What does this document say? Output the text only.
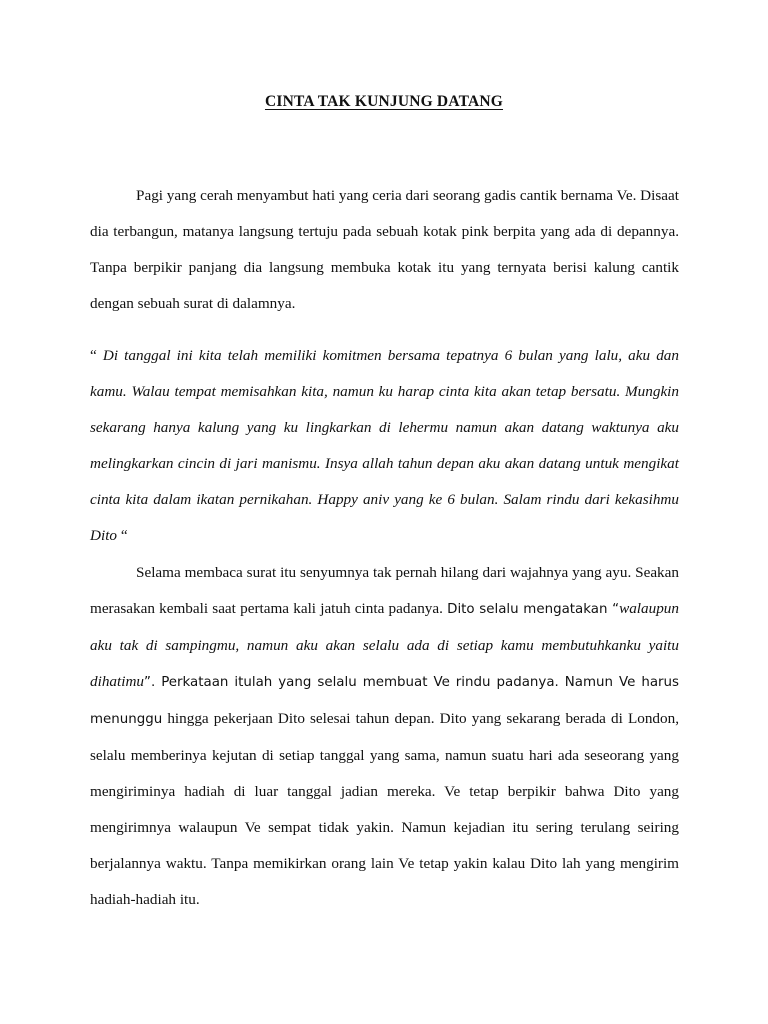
CINTA TAK KUNJUNG DATANG

Pagi yang cerah menyambut hati yang ceria dari seorang gadis cantik bernama Ve. Disaat dia terbangun, matanya langsung tertuju pada sebuah kotak pink berpita yang ada di depannya. Tanpa berpikir panjang dia langsung membuka kotak itu yang ternyata berisi kalung cantik dengan sebuah surat di dalamnya.

“ Di tanggal ini kita telah memiliki komitmen bersama tepatnya 6 bulan yang lalu, aku dan kamu. Walau tempat memisahkan kita, namun ku harap cinta kita akan tetap bersatu. Mungkin sekarang hanya kalung yang ku lingkarkan di lehermu namun akan datang waktunya aku melingkarkan cincin di jari manismu. Insya allah tahun depan aku akan datang untuk mengikat cinta kita dalam ikatan pernikahan. Happy aniv yang ke 6 bulan. Salam rindu dari kekasihmu Dito “

Selama membaca surat itu senyumnya tak pernah hilang dari wajahnya yang ayu. Seakan merasakan kembali saat pertama kali jatuh cinta padanya. Dito selalu mengatakan “walaupun aku tak di sampingmu, namun aku akan selalu ada di setiap kamu membutuhkanku yaitu dihatimu”. Perkataan itulah yang selalu membuat Ve rindu padanya. Namun Ve harus menunggu hingga pekerjaan Dito selesai tahun depan. Dito yang sekarang berada di London, selalu memberinya kejutan di setiap tanggal yang sama, namun suatu hari ada seseorang yang mengiriminya hadiah di luar tanggal jadian mereka. Ve tetap berpikir bahwa Dito yang mengirimnya walaupun Ve sempat tidak yakin. Namun kejadian itu sering terulang seiring berjalannya waktu. Tanpa memikirkan orang lain Ve tetap yakin kalau Dito lah yang mengirim hadiah-hadiah itu.
